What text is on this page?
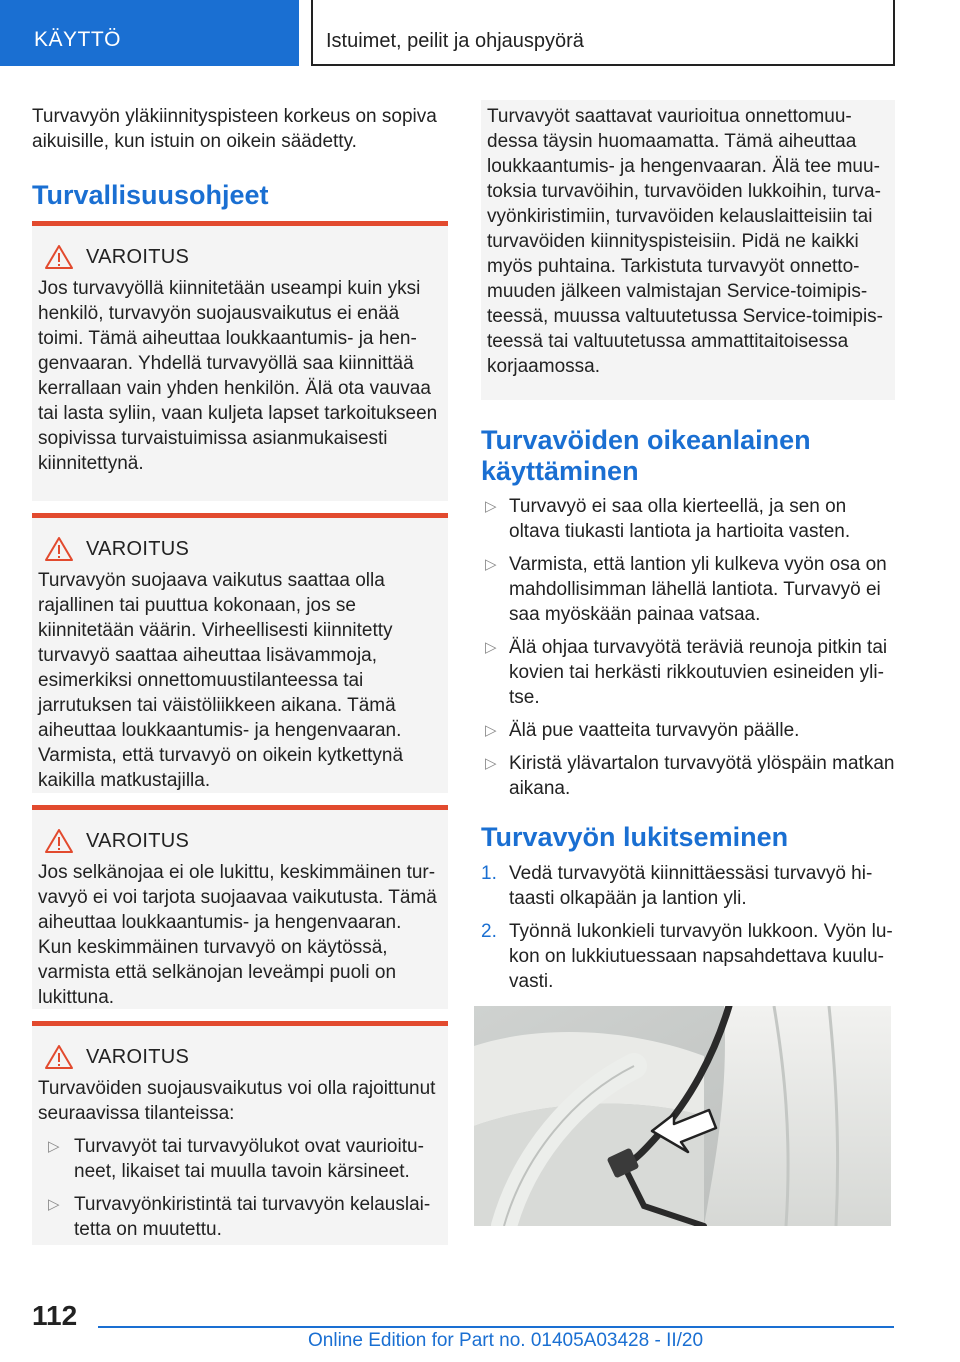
KÄYTTÖ	Istuimet, peilit ja ohjauspyörä
Turvavyön yläkiinnityspisteen korkeus on sopiva aikuisille, kun istuin on oikein säädetty.
Turvallisuusohjeet
VAROITUS
Jos turvavyöllä kiinnitetään useampi kuin yksi henkilö, turvavyön suojausvaikutus ei enää toimi. Tämä aiheuttaa loukkaantumis- ja hengenvaaran. Yhdellä turvavyöllä saa kiinnittää kerrallaan vain yhden henkilön. Älä ota vauvaa tai lasta syliin, vaan kuljeta lapset tarkoitukseen sopivissa turvaistuimissa asianmukaisesti kiinnitettynä.
VAROITUS
Turvavyön suojaava vaikutus saattaa olla rajallinen tai puuttua kokonaan, jos se kiinnitetään väärin. Virheellisesti kiinnitetty turvavyö saattaa aiheuttaa lisävammoja, esimerkiksi onnettomuustilanteessa tai jarrutuksen tai väistöliikkeen aikana. Tämä aiheuttaa loukkaantumis- ja hengenvaaran. Varmista, että turvavyö on oikein kytkettynä kaikilla matkustajilla.
VAROITUS
Jos selkänojaa ei ole lukittu, keskimmäinen turvavyö ei voi tarjota suojaavaa vaikutusta. Tämä aiheuttaa loukkaantumis- ja hengenvaaran. Kun keskimmäinen turvavyö on käytössä, varmista että selkänojan leveämpi puoli on lukittuna.
VAROITUS
Turvavöiden suojausvaikutus voi olla rajoittunut seuraavissa tilanteissa:
▷ Turvavyöt tai turvavyölukot ovat vaurioituneet, likaiset tai muulla tavoin kärsineet.
▷ Turvavyönkiristintä tai turvavyön kelauslaitetta on muutettu.
Turvavyöt saattavat vaurioitua onnettomuudessa täysin huomaamatta. Tämä aiheuttaa loukkaantumis- ja hengenvaaran. Älä tee muutoksia turvavöihin, turvavöiden lukkoihin, turvavyönkiristimiin, turvavöiden kelauslaitteisiin tai turvavöiden kiinnityspisteisiin. Pidä ne kaikki myös puhtaina. Tarkistuta turvavyöt onnettomuuden jälkeen valmistajan Service-toimipisteessä, muussa valtuutetussa Service-toimipisteessä tai valtuutetussa ammattitaitoisessa korjaamossa.
Turvavöiden oikeanlainen käyttäminen
▷ Turvavyö ei saa olla kierteellä, ja sen on oltava tiukasti lantiota ja hartioita vasten.
▷ Varmista, että lantion yli kulkeva vyön osa on mahdollisimman lähellä lantiota. Turvavyö ei saa myöskään painaa vatsaa.
▷ Älä ohjaa turvavyötä teräviä reunoja pitkin tai kovien tai herkästi rikkoutuvien esineiden ylitse.
▷ Älä pue vaatteita turvavyön päälle.
▷ Kiristä ylävartalon turvavyötä ylöspäin matkan aikana.
Turvavyön lukitseminen
1. Vedä turvavyötä kiinnittäessäsi turvavyö hitaasti olkapään ja lantion yli.
2. Työnnä lukonkieli turvavyön lukkoon. Vyön lukon on lukkiutuessaan napsahdettava kuuluvasti.
112
Online Edition for Part no. 01405A03428 - II/20
